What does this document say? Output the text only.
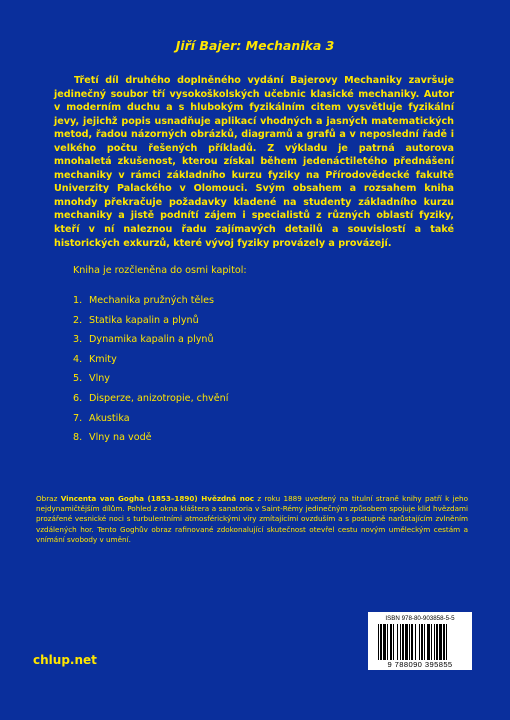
Jiří Bajer: Mechanika 3

Třetí díl druhého doplněného vydání Bajerovy Mechaniky završuje jedinečný soubor tří vysokoškolských učebnic klasické mechaniky. Autor v moderním duchu a s hlubokým fyzikálním citem vysvětluje fyzikální jevy, jejichž popis usnadňuje aplikací vhodných a jasných matematických metod, řadou názorných obrázků, diagramů a grafů a v neposlední řadě i velkého počtu řešených příkladů. Z výkladu je patrná autorova mnohaletá zkušenost, kterou získal během jedenáctiletého přednášení mechaniky v rámci základního kurzu fyziky na Přírodovědecké fakultě Univerzity Palackého v Olomouci. Svým obsahem a rozsahem kniha mnohdy překračuje požadavky kladené na studenty základního kurzu mechaniky a jistě podnítí zájem i specialistů z různých oblastí fyziky, kteří v ní naleznou řadu zajímavých detailů a souvislostí a také historických exkurzů, které vývoj fyziky provázely a provázejí.

Kniha je rozčleněna do osmi kapitol:

1. Mechanika pružných těles
2. Statika kapalin a plynů
3. Dynamika kapalin a plynů
4. Kmity
5. Vlny
6. Disperze, anizotropie, chvění
7. Akustika
8. Vlny na vodě

Obraz Vincenta van Gogha (1853–1890) Hvězdná noc z roku 1889 uvedený na titulní straně knihy patří k jeho nejdynamičtějším dílům. Pohled z okna kláštera a sanatoria v Saint-Rémy jedinečným způsobem spojuje klid hvězdami prozářené vesnické noci s turbulentními atmosférickými víry zmítajícími ovzduším a s postupně narůstajícím zvlněním vzdálených hor. Tento Goghův obraz rafinované zdokonalující skutečnost otevřel cestu novým uměleckým cestám a vnímání svobody v umění.

ISBN 978-80-903858-5-5
9 788090 395855
chlup.net
